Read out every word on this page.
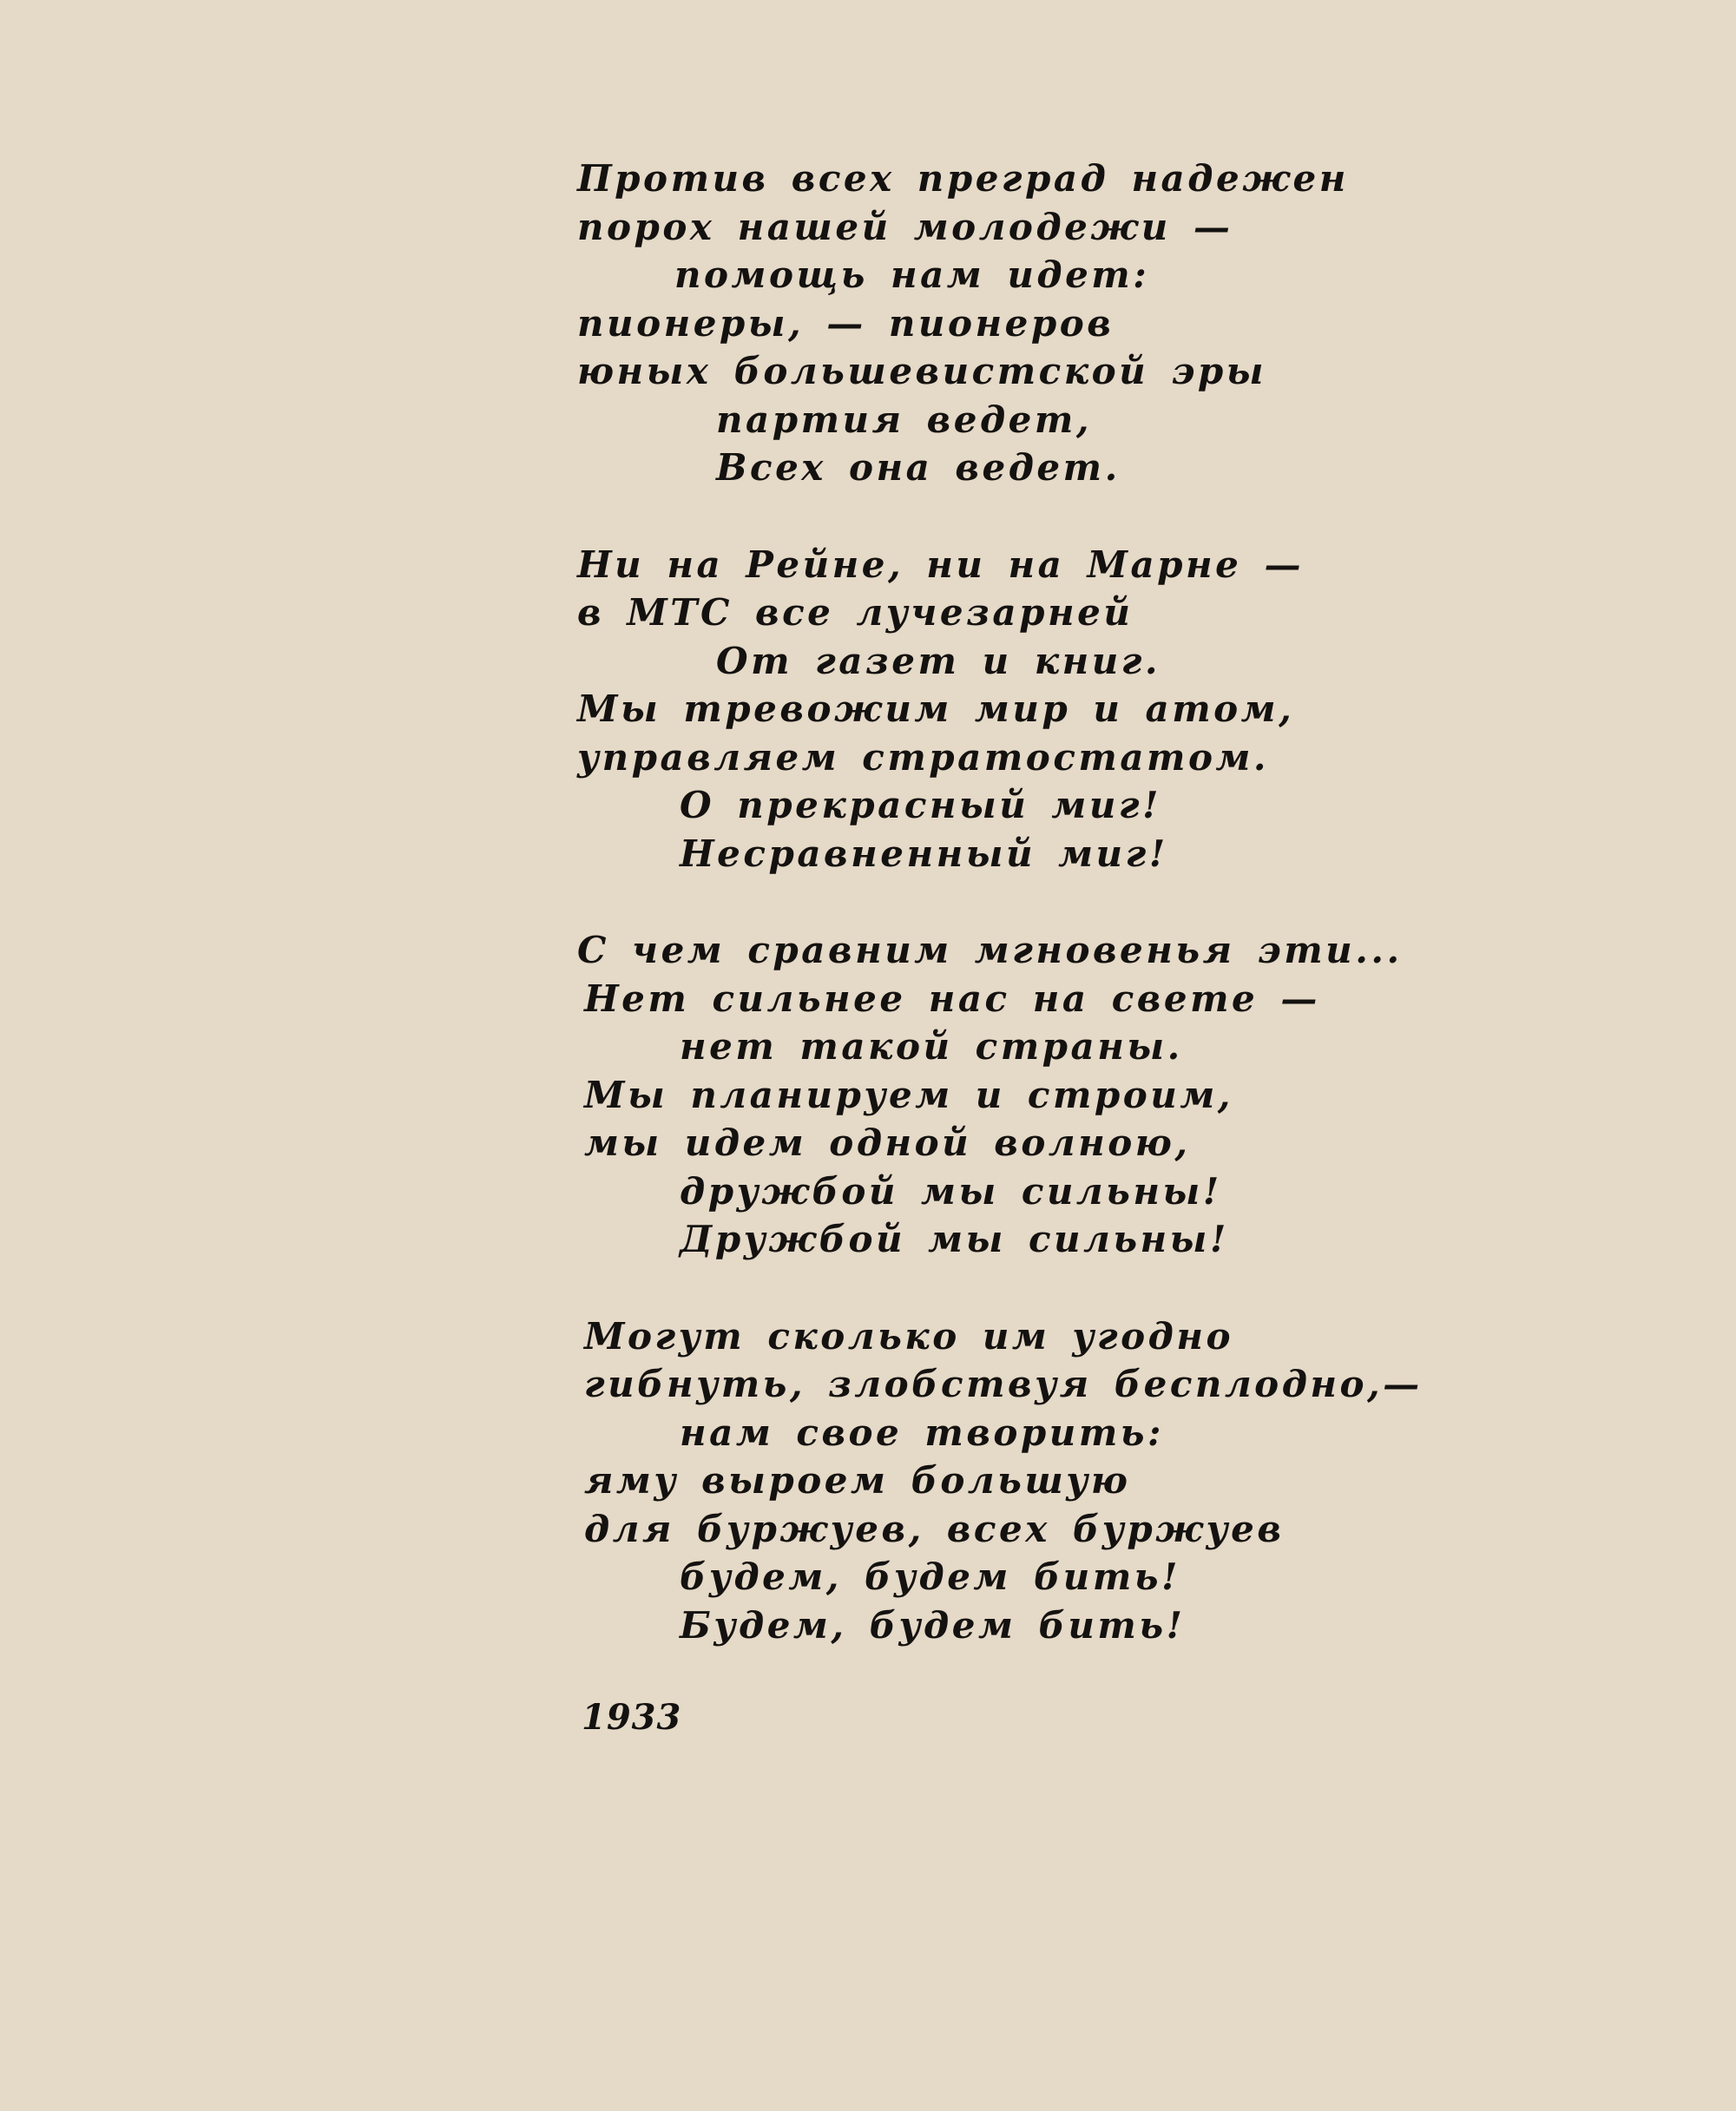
Против всех преград надежен
порох нашей молодежи —
помощь нам идет:
пионеры, — пионеров
юных большевистской эры
партия ведет,
Всех она ведет.
Ни на Рейне, ни на Марне —
в МТС все лучезарней
От газет и книг.
Мы тревожим мир и атом,
управляем стратостатом.
О прекрасный миг!
Несравненный миг!
С чем сравним мгновенья эти...
Нет сильнее нас на свете —
нет такой страны.
Мы планируем и строим,
мы идем одной волною,
дружбой мы сильны!
Дружбой мы сильны!
Могут сколько им угодно
гибнуть, злобствуя бесплодно,—
нам свое творить:
яму выроем большую
для буржуев, всех буржуев
будем, будем бить!
Будем, будем бить!
1933
